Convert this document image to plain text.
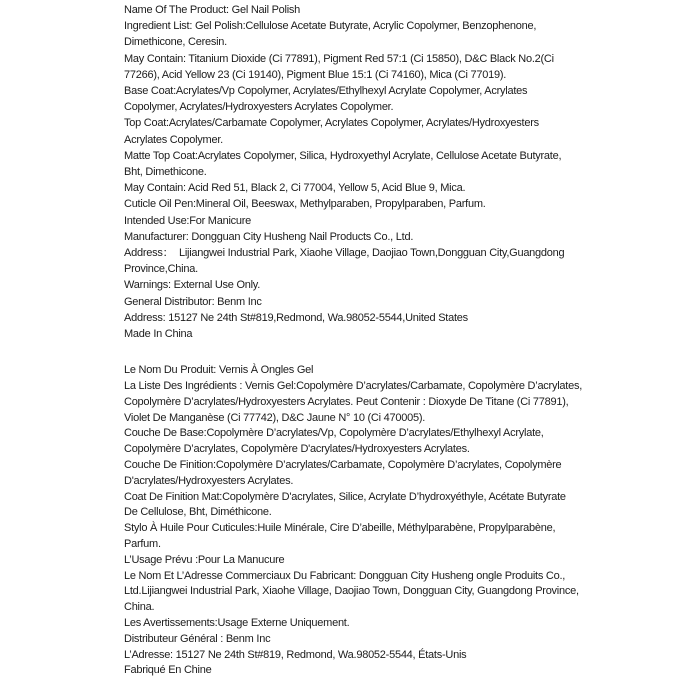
Name Of The Product: Gel Nail Polish
Ingredient List: Gel Polish:Cellulose Acetate Butyrate, Acrylic Copolymer, Benzophenone,
Dimethicone, Ceresin.
May Contain: Titanium Dioxide (Ci 77891), Pigment Red 57:1 (Ci 15850), D&C Black No.2(Ci
77266), Acid Yellow 23 (Ci 19140), Pigment Blue 15:1 (Ci 74160), Mica (Ci 77019).
Base Coat:Acrylates/Vp Copolymer, Acrylates/Ethylhexyl Acrylate Copolymer, Acrylates
Copolymer, Acrylates/Hydroxyesters Acrylates Copolymer.
Top Coat:Acrylates/Carbamate Copolymer, Acrylates Copolymer, Acrylates/Hydroxyesters
Acrylates Copolymer.
Matte Top Coat:Acrylates Copolymer, Silica, Hydroxyethyl Acrylate, Cellulose Acetate Butyrate,
Bht, Dimethicone.
May Contain: Acid Red 51, Black 2, Ci 77004, Yellow 5, Acid Blue 9, Mica.
Cuticle Oil Pen:Mineral Oil, Beeswax, Methylparaben, Propylparaben, Parfum.
Intended Use:For Manicure
Manufacturer: Dongguan City Husheng Nail Products Co., Ltd.
Address：  Lijiangwei Industrial Park, Xiaohe Village, Daojiao Town,Dongguan City,Guangdong
Province,China.
Warnings: External Use Only.
General Distributor: Benm Inc
Address: 15127 Ne 24th St#819,Redmond, Wa.98052-5544,United States
Made In China
Le Nom Du Produit: Vernis À Ongles Gel
La Liste Des Ingrédients : Vernis Gel:Copolymère D’acrylates/Carbamate, Copolymère D’acrylates,
Copolymère D’acrylates/Hydroxyesters Acrylates. Peut Contenir : Dioxyde De Titane (Ci 77891),
Violet De Manganèse (Ci 77742), D&C Jaune N° 10 (Ci 470005).
Couche De Base:Copolymère D’acrylates/Vp, Copolymère D’acrylates/Ethylhexyl Acrylate,
Copolymère D’acrylates, Copolymère D'acrylates/Hydroxyesters Acrylates.
Couche De Finition:Copolymère D’acrylates/Carbamate, Copolymère D’acrylates, Copolymère
D'acrylates/Hydroxyesters Acrylates.
Coat De Finition Mat:Copolymère D'acrylates, Silice, Acrylate D’hydroxyéthyle, Acétate Butyrate
De Cellulose, Bht, Diméthicone.
Stylo À Huile Pour Cuticules:Huile Minérale, Cire D’abeille, Méthylparabène, Propylparabène,
Parfum.
L’Usage Prévu :Pour La Manucure
Le Nom Et L’Adresse Commerciaux Du Fabricant: Dongguan City Husheng ongle Produits Co.,
Ltd.Lijiangwei Industrial Park, Xiaohe Village, Daojiao Town, Dongguan City, Guangdong Province,
China.
Les Avertissements:Usage Externe Uniquement.
Distributeur Général : Benm Inc
L’Adresse: 15127 Ne 24th St#819, Redmond, Wa.98052-5544, États-Unis
Fabriqué En Chine
